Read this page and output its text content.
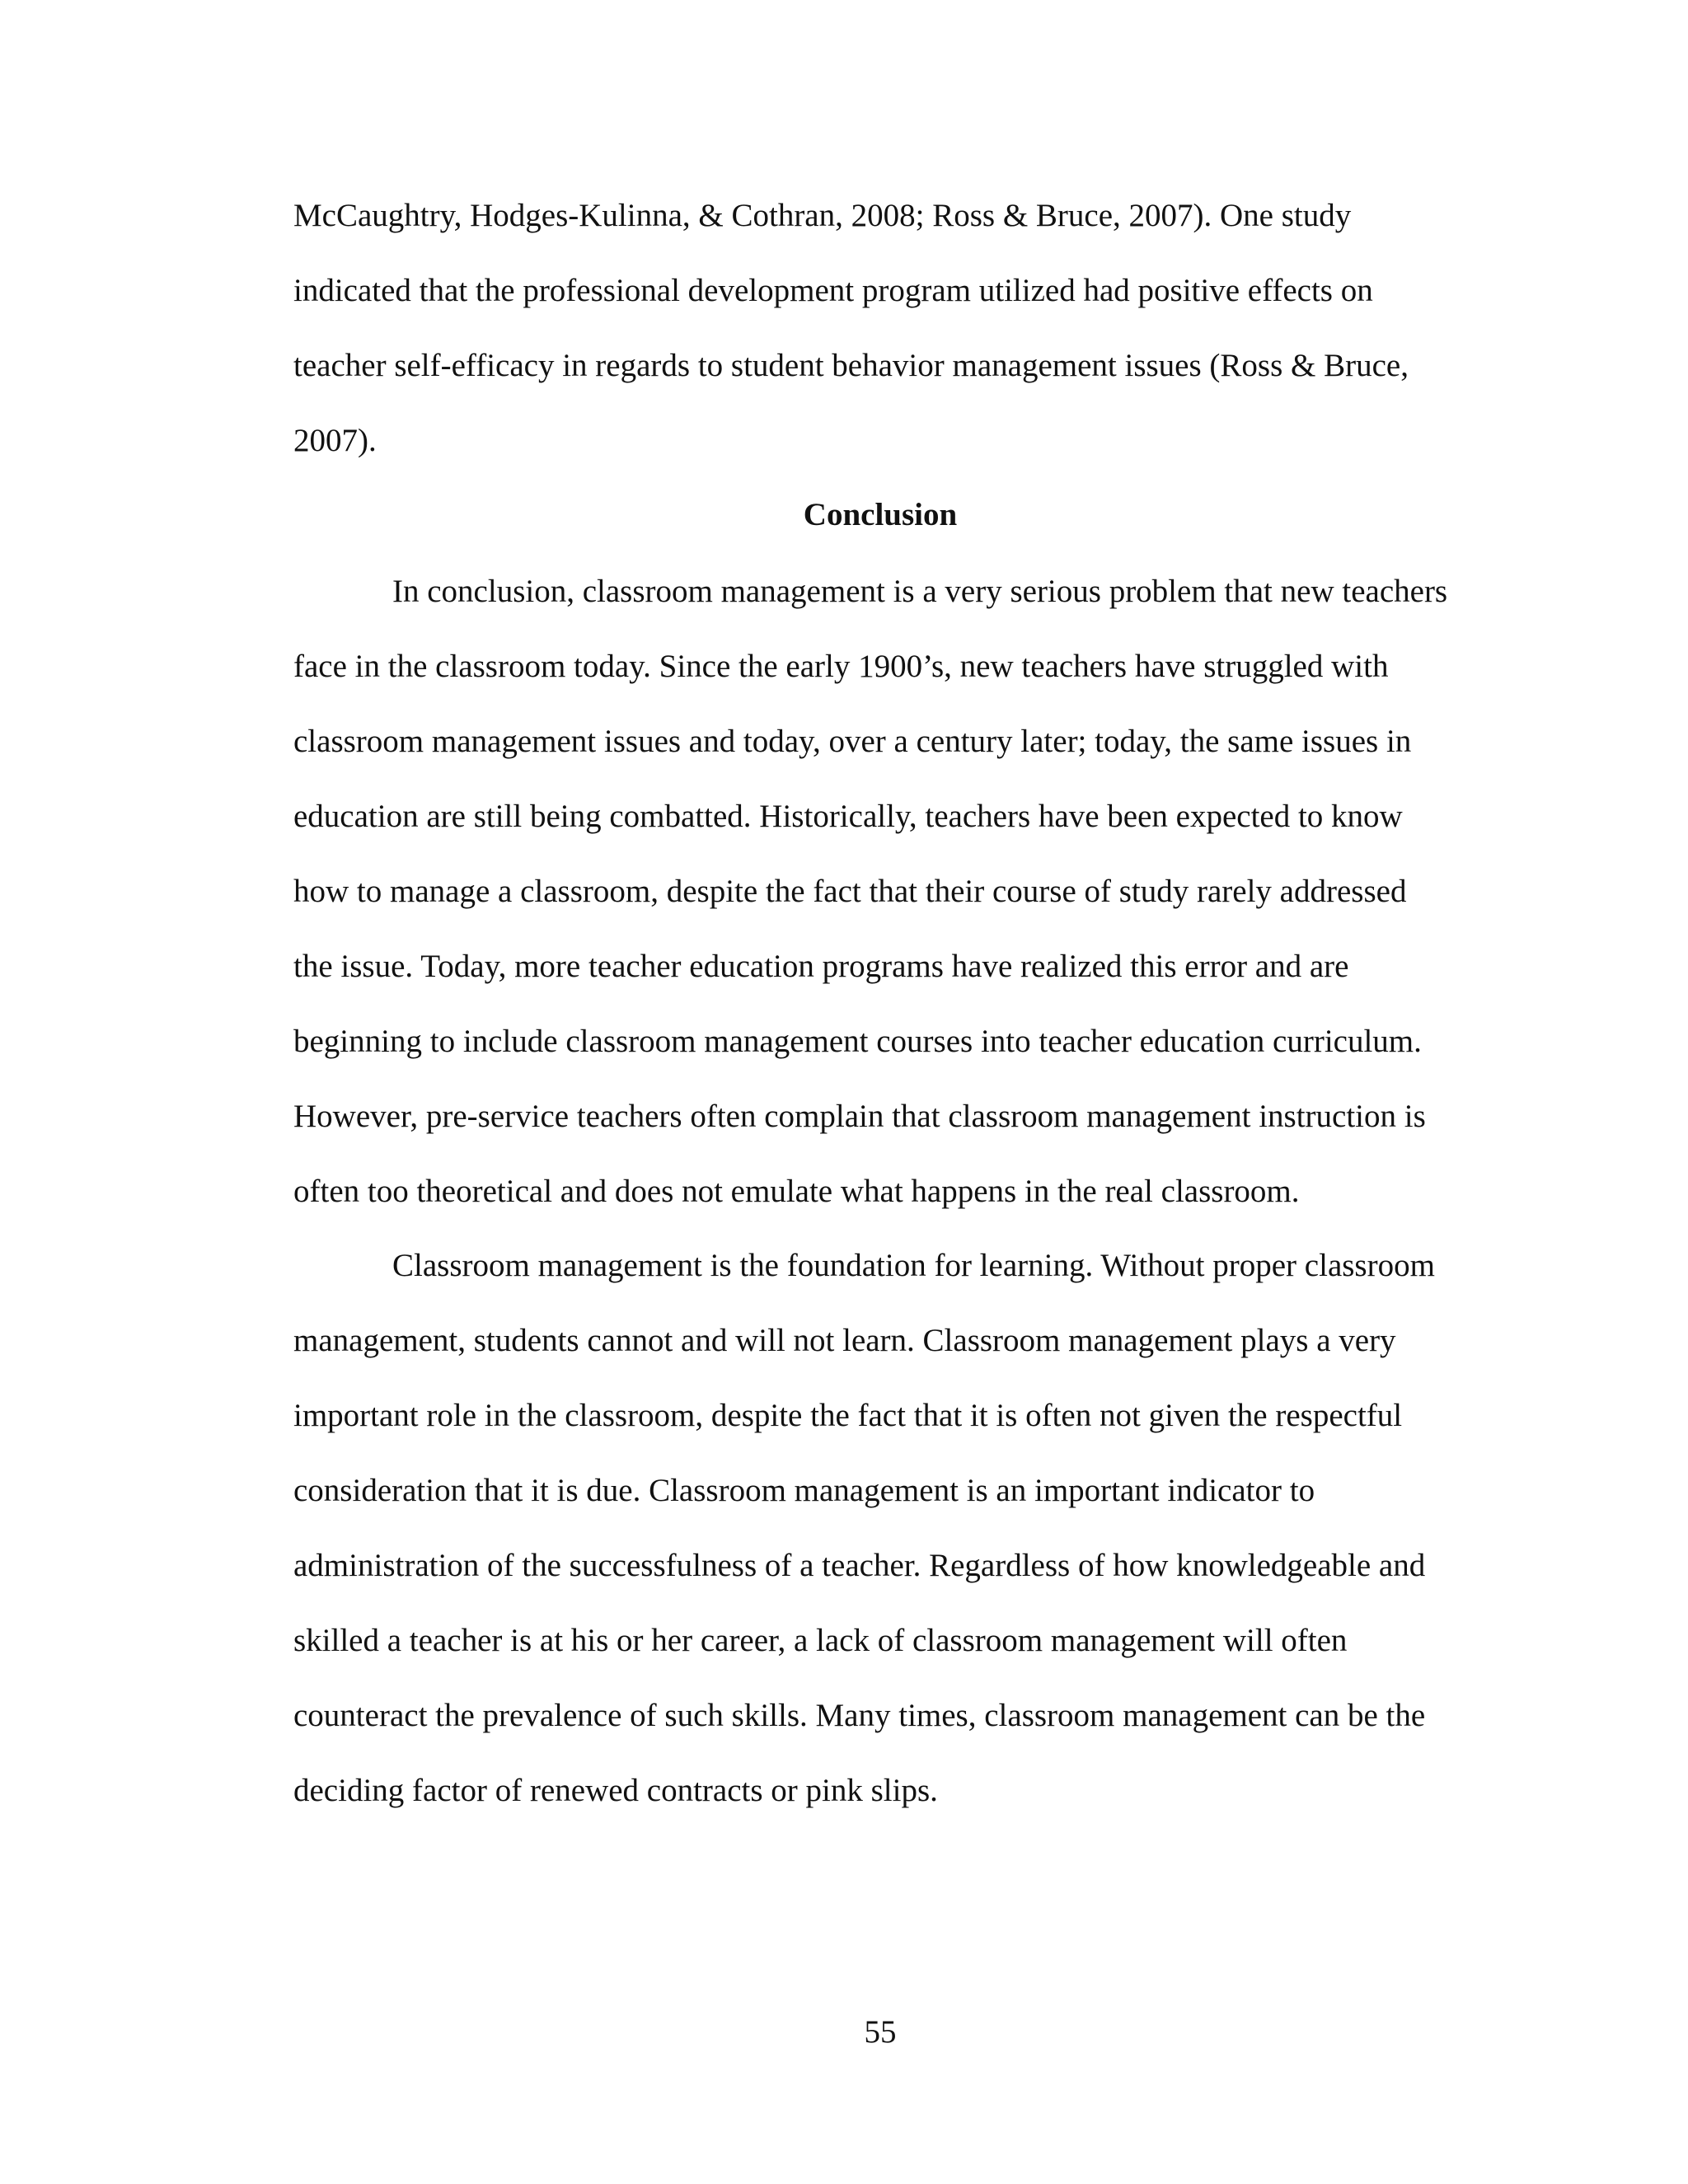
McCaughtry, Hodges-Kulinna, & Cothran, 2008; Ross & Bruce, 2007). One study
indicated that the professional development program utilized had positive effects on
teacher self-efficacy in regards to student behavior management issues (Ross & Bruce,
2007).

Conclusion

In conclusion, classroom management is a very serious problem that new teachers
face in the classroom today. Since the early 1900’s, new teachers have struggled with
classroom management issues and today, over a century later; today, the same issues in
education are still being combatted. Historically, teachers have been expected to know
how to manage a classroom, despite the fact that their course of study rarely addressed
the issue. Today, more teacher education programs have realized this error and are
beginning to include classroom management courses into teacher education curriculum.
However, pre-service teachers often complain that classroom management instruction is
often too theoretical and does not emulate what happens in the real classroom.

Classroom management is the foundation for learning. Without proper classroom
management, students cannot and will not learn. Classroom management plays a very
important role in the classroom, despite the fact that it is often not given the respectful
consideration that it is due. Classroom management is an important indicator to
administration of the successfulness of a teacher. Regardless of how knowledgeable and
skilled a teacher is at his or her career, a lack of classroom management will often
counteract the prevalence of such skills. Many times, classroom management can be the
deciding factor of renewed contracts or pink slips.

55
